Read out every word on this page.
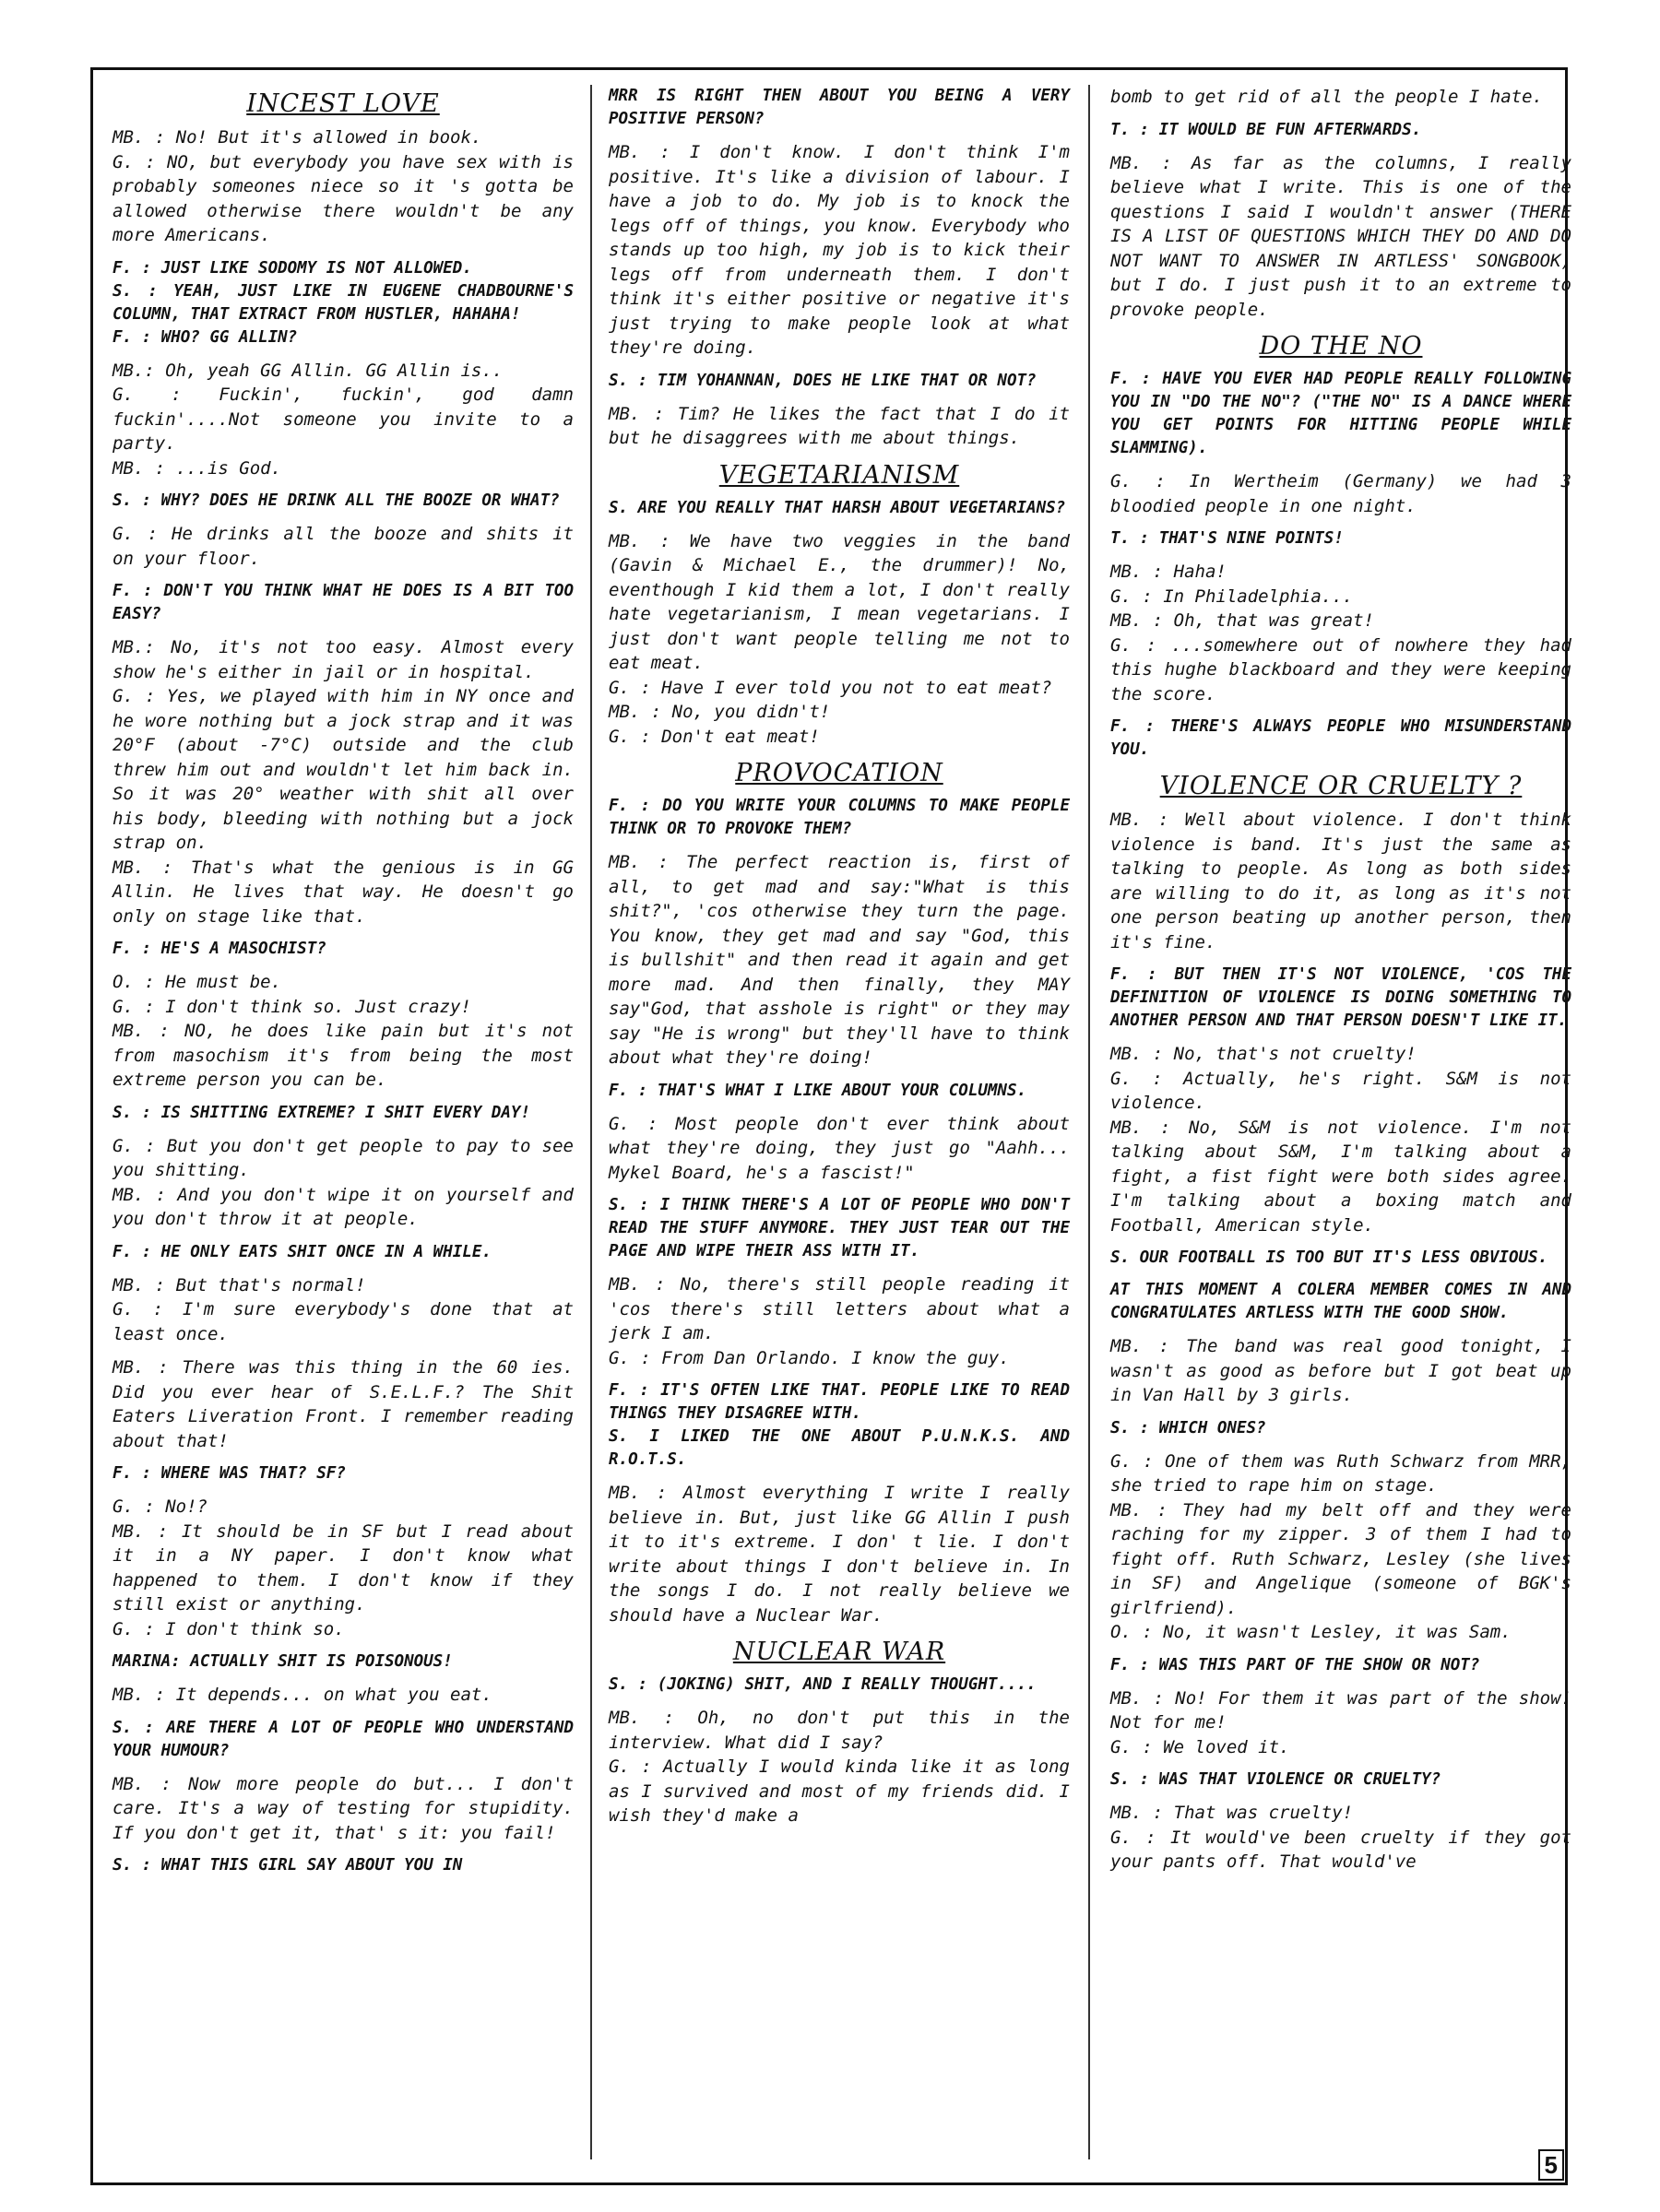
INCEST LOVE
MB. : No! But it's allowed in book.
G. : NO, but everybody you have sex with is probably someones niece so it 's gotta be allowed otherwise there wouldn't be any more Americans.
F. : JUST LIKE SODOMY IS NOT ALLOWED.
S. : YEAH, JUST LIKE IN EUGENE CHADBOURNE'S COLUMN, THAT EXTRACT FROM HUSTLER, HAHAHA!
F. : WHO? GG ALLIN?
MB.: Oh, yeah GG Allin. GG Allin is..
G. : Fuckin', fuckin', god damn fuckin'....Not someone you invite to a party.
MB. : ...is God.
S. : WHY? DOES HE DRINK ALL THE BOOZE OR WHAT?
G. : He drinks all the booze and shits it on your floor.
F. : DON'T YOU THINK WHAT HE DOES IS A BIT TOO EASY?
MB.: No, it's not too easy. Almost every show he's either in jail or in hospital.
G. : Yes, we played with him in NY once and he wore nothing but a jock strap and it was 20°F (about -7°C) outside and the club threw him out and wouldn't let him back in. So it was 20° weather with shit all over his body, bleeding with nothing but a jock strap on.
MB. : That's what the genious is in GG Allin. He lives that way. He doesn't go only on stage like that.
F. : HE'S A MASOCHIST?
O. : He must be.
G. : I don't think so. Just crazy!
MB. : NO, he does like pain but it's not from masochism it's from being the most extreme person you can be.
S. : IS SHITTING EXTREME? I SHIT EVERY DAY!
G. : But you don't get people to pay to see you shitting.
MB. : And you don't wipe it on yourself and you don't throw it at people.
F. : HE ONLY EATS SHIT ONCE IN A WHILE.
MB. : But that's normal!
G. : I'm sure everybody's done that at least once.
MB. : There was this thing in the 60 ies. Did you ever hear of S.E.L.F.? The Shit Eaters Liveration Front. I remember reading about that!
F. : WHERE WAS THAT? SF?
G. : No!?
MB. : It should be in SF but I read about it in a NY paper. I don't know what happened to them. I don't know if they still exist or anything.
G. : I don't think so.
MARINA: ACTUALLY SHIT IS POISONOUS!
MB. : It depends... on what you eat.
S. : ARE THERE A LOT OF PEOPLE WHO UNDERSTAND YOUR HUMOUR?
MB. : Now more people do but... I don't care. It's a way of testing for stupidity. If you don't get it, that' s it: you fail!
S. : WHAT THIS GIRL SAY ABOUT YOU IN
MRR IS RIGHT THEN ABOUT YOU BEING A VERY POSITIVE PERSON?
MB. : I don't know. I don't think I'm positive. It's like a division of labour. I have a job to do. My job is to knock the legs off of things, you know. Everybody who stands up too high, my job is to kick their legs off from underneath them. I don't think it's either positive or negative it's just trying to make people look at what they're doing.
S. : TIM YOHANNAN, DOES HE LIKE THAT OR NOT?
MB. : Tim? He likes the fact that I do it but he disaggrees with me about things.
VEGETARIANISM
S. ARE YOU REALLY THAT HARSH ABOUT VEGETARIANS?
MB. : We have two veggies in the band (Gavin & Michael E., the drummer)! No, eventhough I kid them a lot, I don't really hate vegetarianism, I mean vegetarians. I just don't want people telling me not to eat meat.
G. : Have I ever told you not to eat meat?
MB. : No, you didn't!
G. : Don't eat meat!
PROVOCATION
F. : DO YOU WRITE YOUR COLUMNS TO MAKE PEOPLE THINK OR TO PROVOKE THEM?
MB. : The perfect reaction is, first of all, to get mad and say:"What is this shit?", 'cos otherwise they turn the page. You know, they get mad and say "God, this is bullshit" and then read it again and get more mad. And then finally, they MAY say"God, that asshole is right" or they may say "He is wrong" but they'll have to think about what they're doing!
F. : THAT'S WHAT I LIKE ABOUT YOUR COLUMNS.
G. : Most people don't ever think about what they're doing, they just go "Aahh... Mykel Board, he's a fascist!"
S. : I THINK THERE'S A LOT OF PEOPLE WHO DON'T READ THE STUFF ANYMORE. THEY JUST TEAR OUT THE PAGE AND WIPE THEIR ASS WITH IT.
MB. : No, there's still people reading it 'cos there's still letters about what a jerk I am.
G. : From Dan Orlando. I know the guy.
F. : IT'S OFTEN LIKE THAT. PEOPLE LIKE TO READ THINGS THEY DISAGREE WITH.
S. I LIKED THE ONE ABOUT P.U.N.K.S. AND R.O.T.S.
MB. : Almost everything I write I really believe in. But, just like GG Allin I push it to it's extreme. I don' t lie. I don't write about things I don't believe in. In the songs I do. I not really believe we should have a Nuclear War.
NUCLEAR WAR
S. : (JOKING) SHIT, AND I REALLY THOUGHT....
MB. : Oh, no don't put this in the interview. What did I say?
G. : Actually I would kinda like it as long as I survived and most of my friends did. I wish they'd make a
bomb to get rid of all the people I hate.
T. : IT WOULD BE FUN AFTERWARDS.
MB. : As far as the columns, I really believe what I write. This is one of the questions I said I wouldn't answer (THERE IS A LIST OF QUESTIONS WHICH THEY DO AND DO NOT WANT TO ANSWER IN ARTLESS' SONGBOOK) but I do. I just push it to an extreme to provoke people.
DO THE NO
F. : HAVE YOU EVER HAD PEOPLE REALLY FOLLOWING YOU IN "DO THE NO"? ("THE NO" IS A DANCE WHERE YOU GET POINTS FOR HITTING PEOPLE WHILE SLAMMING).
G. : In Wertheim (Germany) we had 3 bloodied people in one night.
T. : THAT'S NINE POINTS!
MB. : Haha!
G. : In Philadelphia...
MB. : Oh, that was great!
G. : ...somewhere out of nowhere they had this hughe blackboard and they were keeping the score.
F. : THERE'S ALWAYS PEOPLE WHO MISUNDERSTAND YOU.
VIOLENCE OR CRUELTY ?
MB. : Well about violence. I don't think violence is band. It's just the same as talking to people. As long as both sides are willing to do it, as long as it's not one person beating up another person, then it's fine.
F. : BUT THEN IT'S NOT VIOLENCE, 'COS THE DEFINITION OF VIOLENCE IS DOING SOMETHING TO ANOTHER PERSON AND THAT PERSON DOESN'T LIKE IT.
MB. : No, that's not cruelty!
G. : Actually, he's right. S&M is not violence.
MB. : No, S&M is not violence. I'm not talking about S&M, I'm talking about a fight, a fist fight were both sides agree. I'm talking about a boxing match and Football, American style.
S. OUR FOOTBALL IS TOO BUT IT'S LESS OBVIOUS.
AT THIS MOMENT A COLERA MEMBER COMES IN AND CONGRATULATES ARTLESS WITH THE GOOD SHOW.
MB. : The band was real good tonight, I wasn't as good as before but I got beat up in Van Hall by 3 girls.
S. : WHICH ONES?
G. : One of them was Ruth Schwarz from MRR, she tried to rape him on stage.
MB. : They had my belt off and they were raching for my zipper. 3 of them I had to fight off. Ruth Schwarz, Lesley (she lives in SF) and Angelique (someone of BGK's girlfriend).
O. : No, it wasn't Lesley, it was Sam.
F. : WAS THIS PART OF THE SHOW OR NOT?
MB. : No! For them it was part of the show! Not for me!
G. : We loved it.
S. : WAS THAT VIOLENCE OR CRUELTY?
MB. : That was cruelty!
G. : It would've been cruelty if they got your pants off. That would've
5
